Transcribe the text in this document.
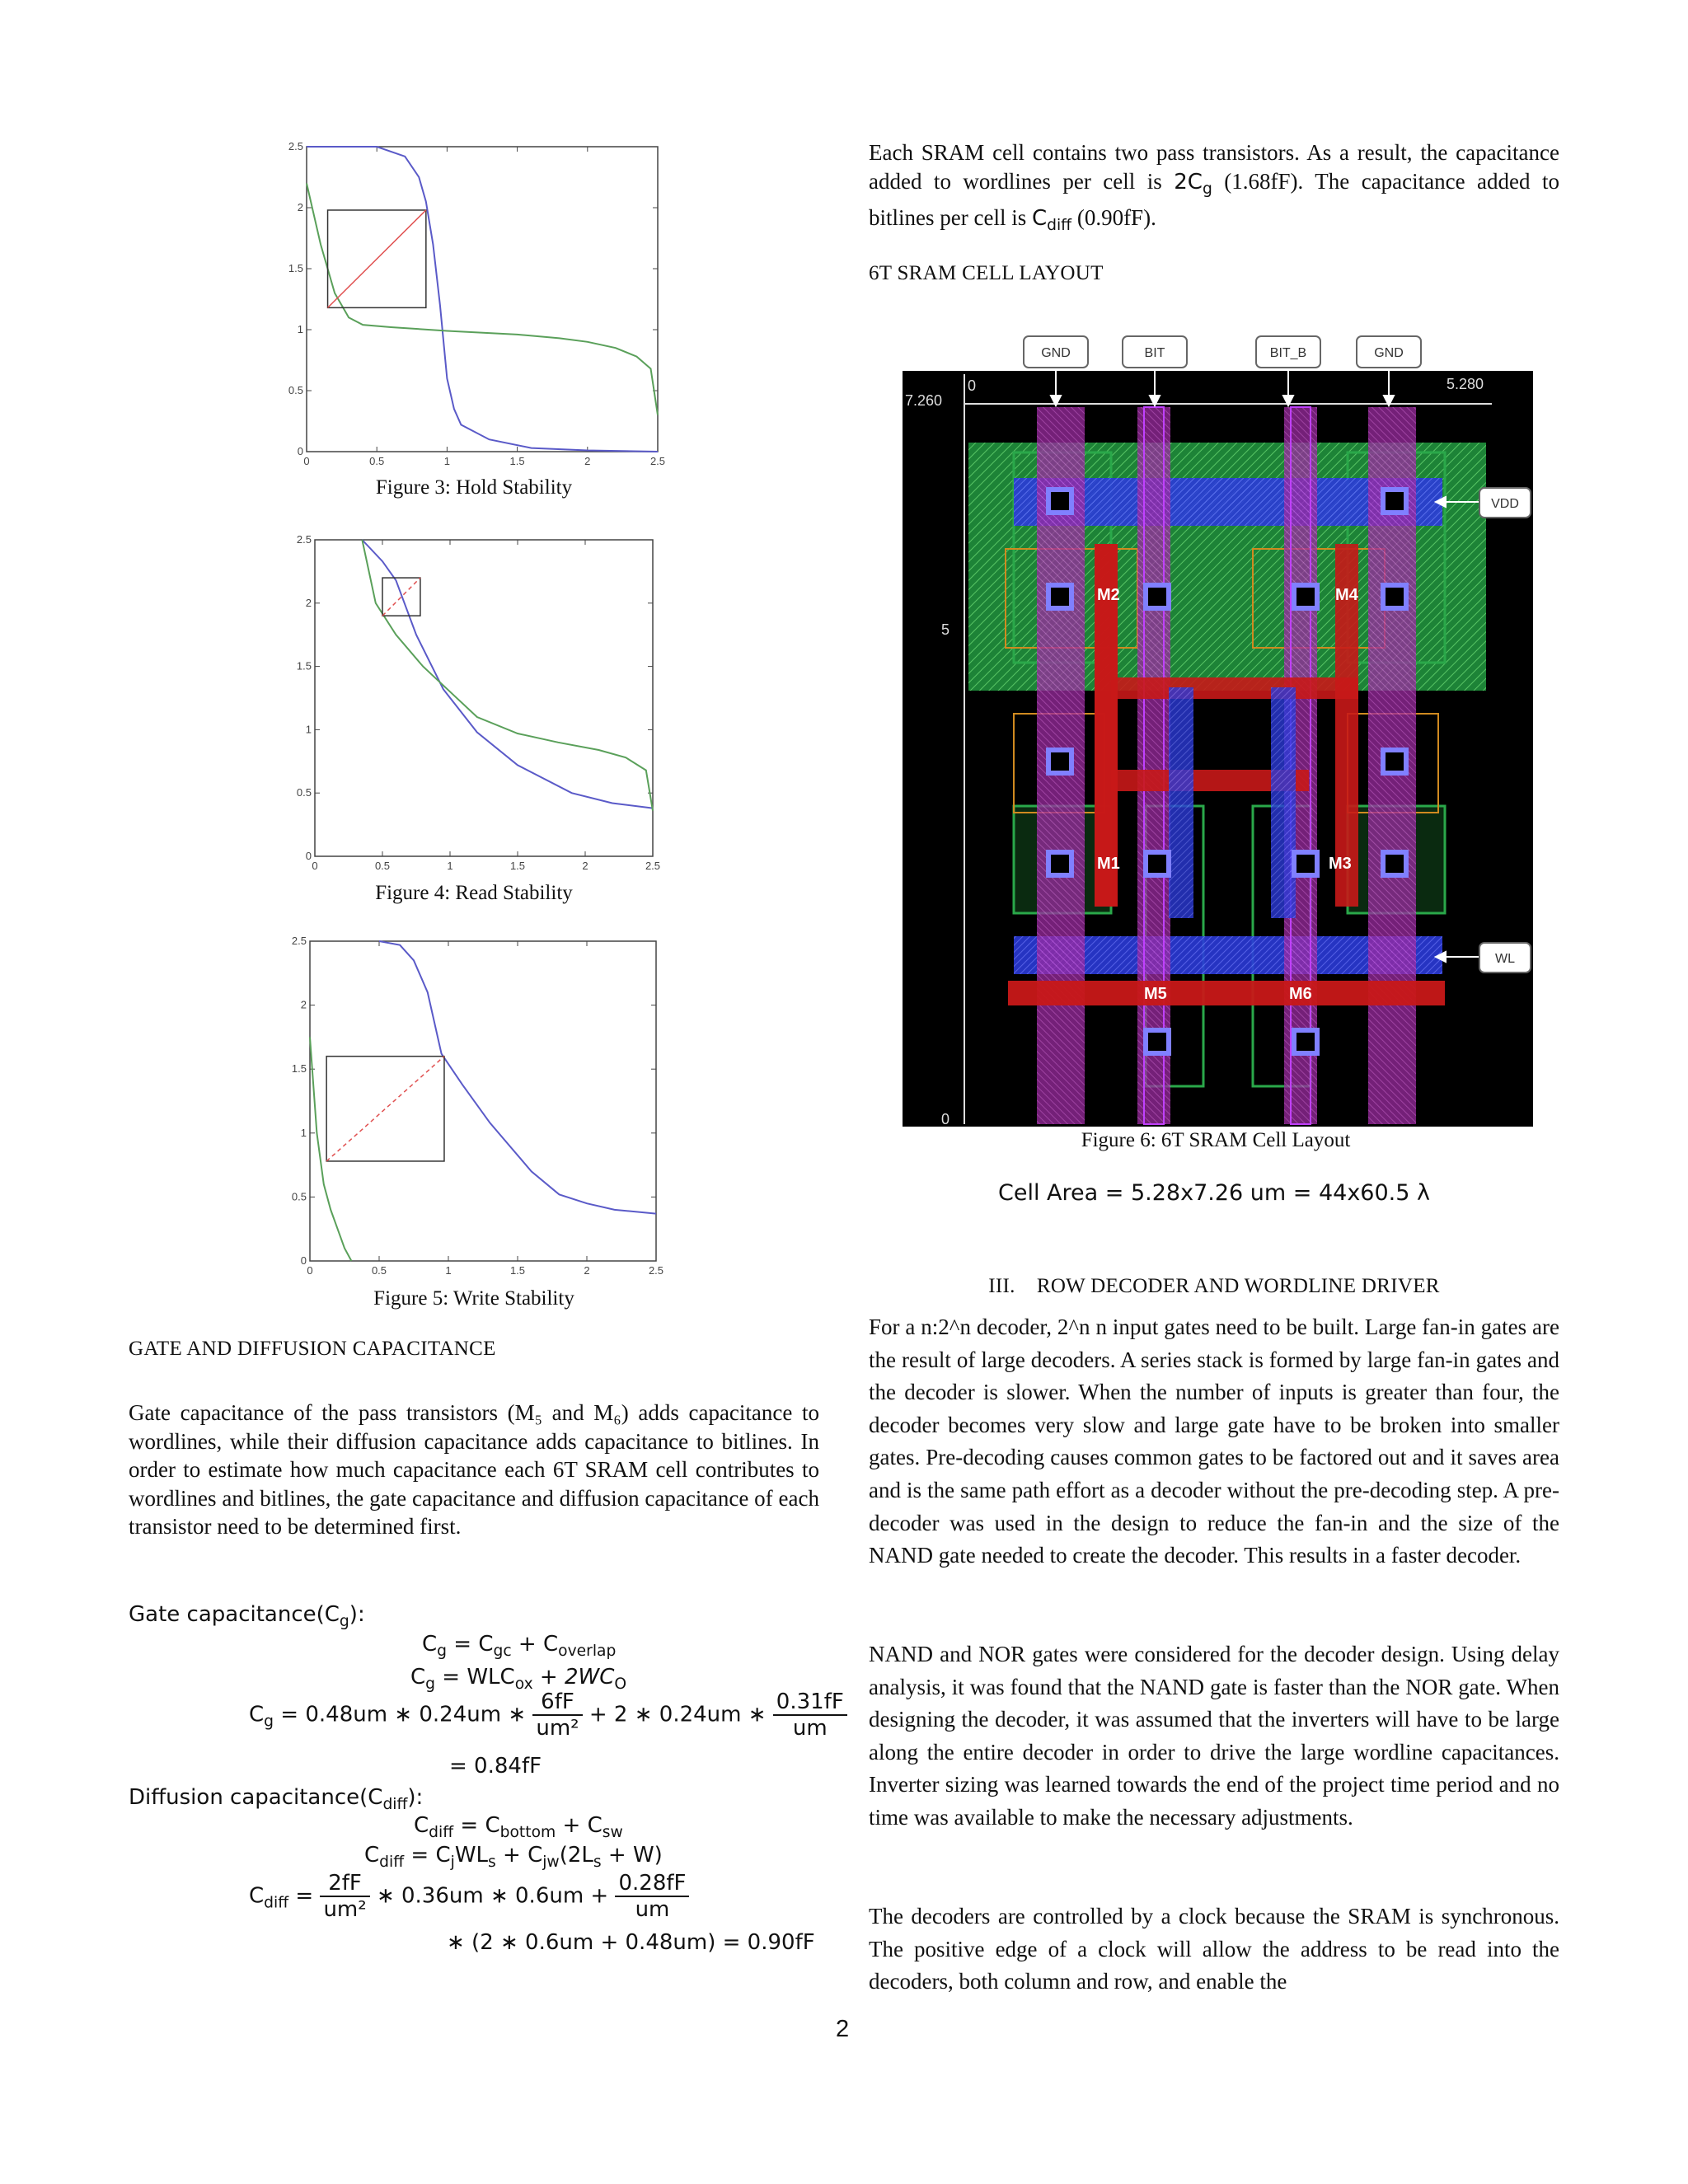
0	0.5	1	1.5	2	2.5
0
0.5
1
1.5
2
2.5
Figure 3: Hold Stability
0	0.5	1	1.5	2	2.5
0
0.5
1
1.5
2
2.5
Figure 4: Read Stability
0	0.5	1	1.5	2	2.5
0
0.5
1
1.5
2
2.5
Figure 5: Write Stability
GATE AND DIFFUSION CAPACITANCE
Gate capacitance of the pass transistors (M₅ and M₆) adds capacitance to wordlines, while their diffusion capacitance adds capacitance to bitlines. In order to estimate how much capacitance each 6T SRAM cell contributes to wordlines and bitlines, the gate capacitance and diffusion capacitance of each transistor need to be determined first.
Gate $capacitance(C_g)$:
$C_g = C_{gc} + C_{overlap}$
$C_g = WLC_{ox} + 2WC_O$
$C_g = 0.48um$ ∗ 0.24um ∗ $\frac{6fF}{\text{um²}} + 2$ ∗ 0.24um ∗ $\frac{0.31fF}{um}$
= 0.84fF
Diffusion $capacitance(C_{diff})$:
$C_{diff} = C_{bottom} + C_{sw}$
$C_{diff} = C_jWL_s + C_{jw}(2L_s + W)$
$C_{diff} = \frac{2fF}{\text{um²}}$ ∗ 0.36um ∗ $0.6um + \frac{0.28fF}{um}$
∗ (2 ∗ 0.6um + 0.48um) = 0.90fF
Each SRAM cell contains two pass transistors. As a result, the capacitance added to wordlines per cell is $2C_g$ (1.68fF). The capacitance added to bitlines per cell is $C_{diff}$ (0.90fF).
6T SRAM CELL LAYOUT
0	5.280
7.260
5
0
M2	M4
M1	M3
M5	M6
GND	BIT	BIT_B	GND
VDD
WL
Figure 6: 6T SRAM Cell Layout
Cell Area = 5.28x7.26 um = 44x60.5 λ
III.    ROW DECODER AND WORDLINE DRIVER
For a n:2^n decoder, 2^n n input gates need to be built. Large fan-in gates are the result of large decoders. A series stack is formed by large fan-in gates and the decoder is slower. When the number of inputs is greater than four, the decoder becomes very slow and large gate have to be broken into smaller gates. Pre-decoding causes common gates to be factored out and it saves area and is the same path effort as a decoder without the pre-decoding step. A pre-decoder was used in the design to reduce the fan-in and the size of the NAND gate needed to create the decoder. This results in a faster decoder.
NAND and NOR gates were considered for the decoder design. Using delay analysis, it was found that the NAND gate is faster than the NOR gate. When designing the decoder, it was assumed that the inverters will have to be large along the entire decoder in order to drive the large wordline capacitances. Inverter sizing was learned towards the end of the project time period and no time was available to make the necessary adjustments.
The decoders are controlled by a clock because the SRAM is synchronous. The positive edge of a clock will allow the address to be read into the decoders, both column and row, and enable the
2
